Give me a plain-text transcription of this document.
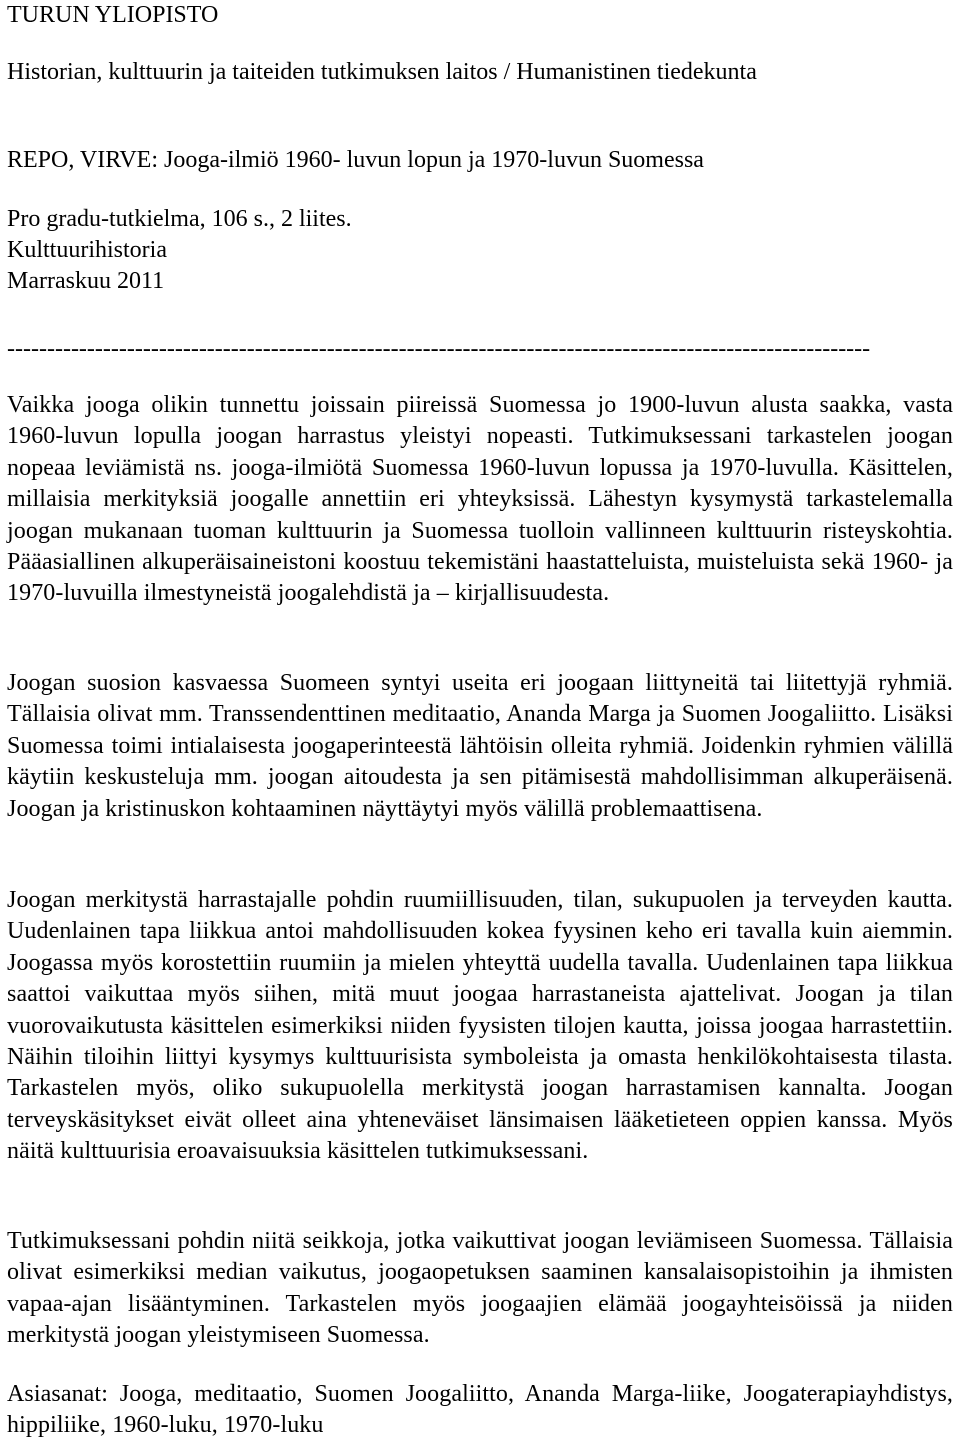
TURUN YLIOPISTO
Historian, kulttuurin ja taiteiden tutkimuksen laitos / Humanistinen tiedekunta
REPO, VIRVE: Jooga-ilmiö 1960- luvun lopun ja 1970-luvun Suomessa
Pro gradu-tutkielma, 106 s., 2 liites.
Kulttuurihistoria
Marraskuu 2011
------------------------------------------------------------------------------------------------------------

Vaikka jooga olikin tunnettu joissain piireissä Suomessa jo 1900-luvun alusta saakka, vasta 1960-luvun lopulla joogan harrastus yleistyi nopeasti. Tutkimuksessani tarkastelen joogan nopeaa leviämistä ns. jooga-ilmiötä Suomessa 1960-luvun lopussa ja 1970-luvulla. Käsittelen, millaisia merkityksiä joogalle annettiin eri yhteyksissä. Lähestyn kysymystä tarkastelemalla joogan mukanaan tuoman kulttuurin ja Suomessa tuolloin vallinneen kulttuurin risteyskohtia. Pääasiallinen alkuperäisaineistoni koostuu tekemistäni haastatteluista, muisteluista sekä 1960- ja 1970-luvuilla ilmestyneistä joogalehdistä ja – kirjallisuudesta.

Joogan suosion kasvaessa Suomeen syntyi useita eri joogaan liittyneitä tai liitettyjä ryhmiä. Tällaisia olivat mm. Transsendenttinen meditaatio, Ananda Marga ja Suomen Joogaliitto. Lisäksi Suomessa toimi intialaisesta joogaperinteestä lähtöisin olleita ryhmiä. Joidenkin ryhmien välillä käytiin keskusteluja mm. joogan aitoudesta ja sen pitämisestä mahdollisimman alkuperäisenä. Joogan ja kristinuskon kohtaaminen näyttäytyi myös välillä problemaattisena.

Joogan merkitystä harrastajalle pohdin ruumiillisuuden, tilan, sukupuolen ja terveyden kautta. Uudenlainen tapa liikkua antoi mahdollisuuden kokea fyysinen keho eri tavalla kuin aiemmin. Joogassa myös korostettiin ruumiin ja mielen yhteyttä uudella tavalla. Uudenlainen tapa liikkua saattoi vaikuttaa myös siihen, mitä muut joogaa harrastaneista ajattelivat. Joogan ja tilan vuorovaikutusta käsittelen esimerkiksi niiden fyysisten tilojen kautta, joissa joogaa harrastettiin. Näihin tiloihin liittyi kysymys kulttuurisista symboleista ja omasta henkilökohtaisesta tilasta. Tarkastelen myös, oliko sukupuolella merkitystä joogan harrastamisen kannalta. Joogan terveyskäsitykset eivät olleet aina yhteneväiset länsimaisen lääketieteen oppien kanssa. Myös näitä kulttuurisia eroavaisuuksia käsittelen tutkimuksessani.

Tutkimuksessani pohdin niitä seikkoja, jotka vaikuttivat joogan leviämiseen Suomessa. Tällaisia olivat esimerkiksi median vaikutus, joogaopetuksen saaminen kansalaisopistoihin ja ihmisten vapaa-ajan lisääntyminen. Tarkastelen myös joogaajien elämää joogayhteisöissä ja niiden merkitystä joogan yleistymiseen Suomessa.

Asiasanat: Jooga, meditaatio, Suomen Joogaliitto, Ananda Marga-liike, Joogaterapiayhdistys, hippiliike, 1960-luku, 1970-luku
